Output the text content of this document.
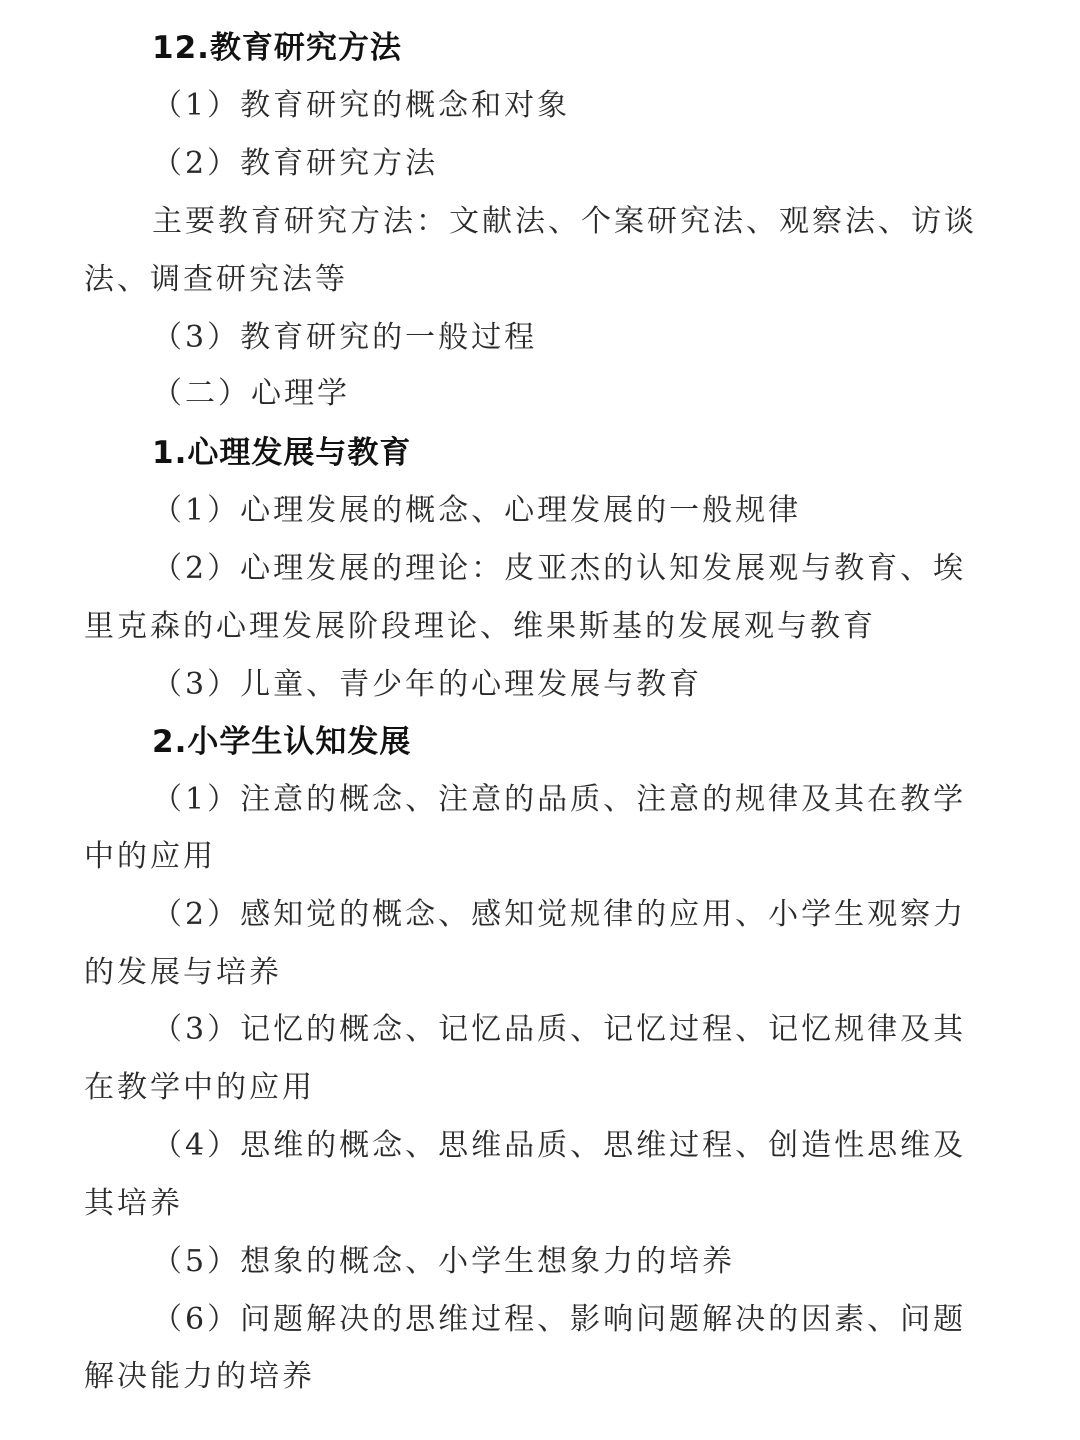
12.教育研究方法
（1）教育研究的概念和对象
（2）教育研究方法
主要教育研究方法：文献法、个案研究法、观察法、访谈
法、调查研究法等
（3）教育研究的一般过程
（二）心理学
1.心理发展与教育
（1）心理发展的概念、心理发展的一般规律
（2）心理发展的理论：皮亚杰的认知发展观与教育、埃
里克森的心理发展阶段理论、维果斯基的发展观与教育
（3）儿童、青少年的心理发展与教育
2.小学生认知发展
（1）注意的概念、注意的品质、注意的规律及其在教学
中的应用
（2）感知觉的概念、感知觉规律的应用、小学生观察力
的发展与培养
（3）记忆的概念、记忆品质、记忆过程、记忆规律及其
在教学中的应用
（4）思维的概念、思维品质、思维过程、创造性思维及
其培养
（5）想象的概念、小学生想象力的培养
（6）问题解决的思维过程、影响问题解决的因素、问题
解决能力的培养
